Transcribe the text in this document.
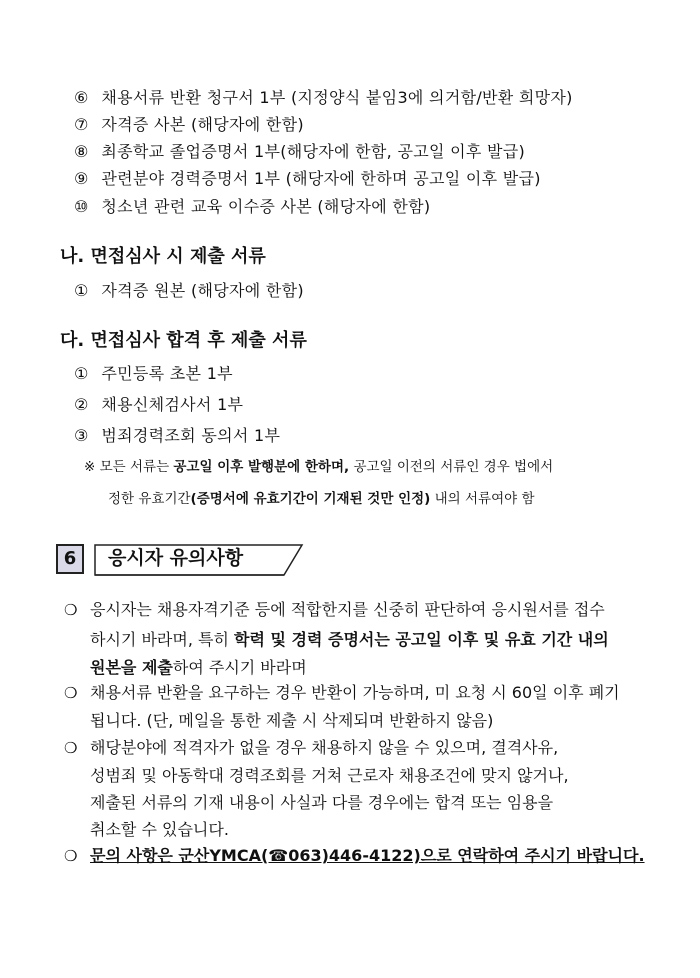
⑥ 채용서류 반환 청구서 1부 (지정양식 붙임3에 의거함/반환 희망자)
⑦ 자격증 사본 (해당자에 한함)
⑧ 최종학교 졸업증명서 1부(해당자에 한함, 공고일 이후 발급)
⑨ 관련분야 경력증명서 1부 (해당자에 한하며 공고일 이후 발급)
⑩ 청소년 관련 교육 이수증 사본 (해당자에 한함)
나. 면접심사 시 제출 서류
① 자격증 원본 (해당자에 한함)
다. 면접심사 합격 후 제출 서류
① 주민등록 초본 1부
② 채용신체검사서 1부
③ 범죄경력조회 동의서 1부
※ 모든 서류는 공고일 이후 발행분에 한하며, 공고일 이전의 서류인 경우 법에서
정한 유효기간(증명서에 유효기간이 기재된 것만 인정) 내의 서류여야 함
6	응시자 유의사항
❍ 응시자는 채용자격기준 등에 적합한지를 신중히 판단하여 응시원서를 접수
하시기 바라며, 특히 학력 및 경력 증명서는 공고일 이후 및 유효 기간 내의
원본을 제출하여 주시기 바라며
❍ 채용서류 반환을 요구하는 경우 반환이 가능하며, 미 요청 시 60일 이후 폐기
됩니다. (단, 메일을 통한 제출 시 삭제되며 반환하지 않음)
❍ 해당분야에 적격자가 없을 경우 채용하지 않을 수 있으며, 결격사유,
성범죄 및 아동학대 경력조회를 거쳐 근로자 채용조건에 맞지 않거나,
제출된 서류의 기재 내용이 사실과 다를 경우에는 합격 또는 임용을
취소할 수 있습니다.
❍ 문의 사항은 군산YMCA(☎063)446-4122)으로 연락하여 주시기 바랍니다.
